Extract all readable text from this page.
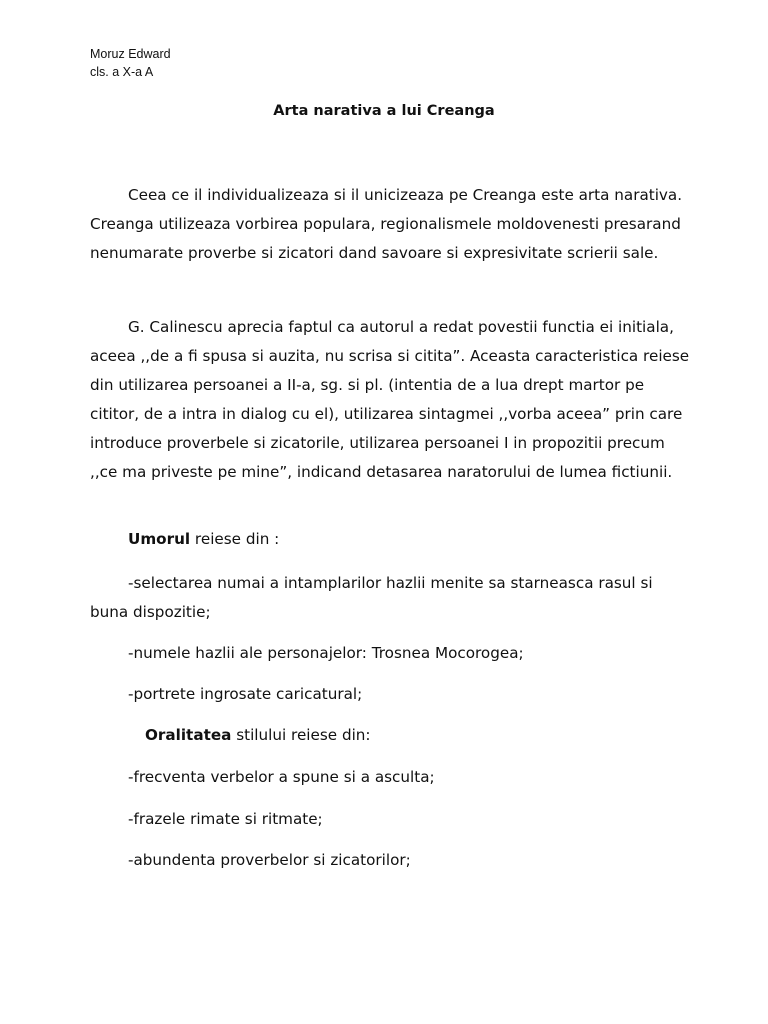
Moruz Edward

cls. a X-a A

Arta narativa a lui Creanga

Ceea ce il individualizeaza si il unicizeaza pe Creanga este arta narativa. Creanga utilizeaza vorbirea populara, regionalismele moldovenesti presarand nenumarate proverbe si zicatori dand savoare si expresivitate scrierii sale.

G. Calinescu aprecia faptul ca autorul a redat povestii functia ei initiala, aceea ,,de a fi spusa si auzita, nu scrisa si citita”. Aceasta caracteristica reiese din utilizarea persoanei a II-a, sg. si pl. (intentia de a lua drept martor pe cititor, de a intra in dialog cu el), utilizarea sintagmei ,,vorba aceea” prin care introduce proverbele si zicatorile, utilizarea persoanei I in propozitii precum ,,ce ma priveste pe mine”, indicand detasarea naratorului de lumea fictiunii.

Umorul reiese din :

-selectarea numai a intamplarilor hazlii menite sa starneasca rasul si buna dispozitie;

-numele hazlii ale personajelor: Trosnea Mocorogea;

-portrete ingrosate caricatural;

Oralitatea stilului reiese din:

-frecventa verbelor a spune si a asculta;

-frazele rimate si ritmate;

-abundenta proverbelor si zicatorilor;
